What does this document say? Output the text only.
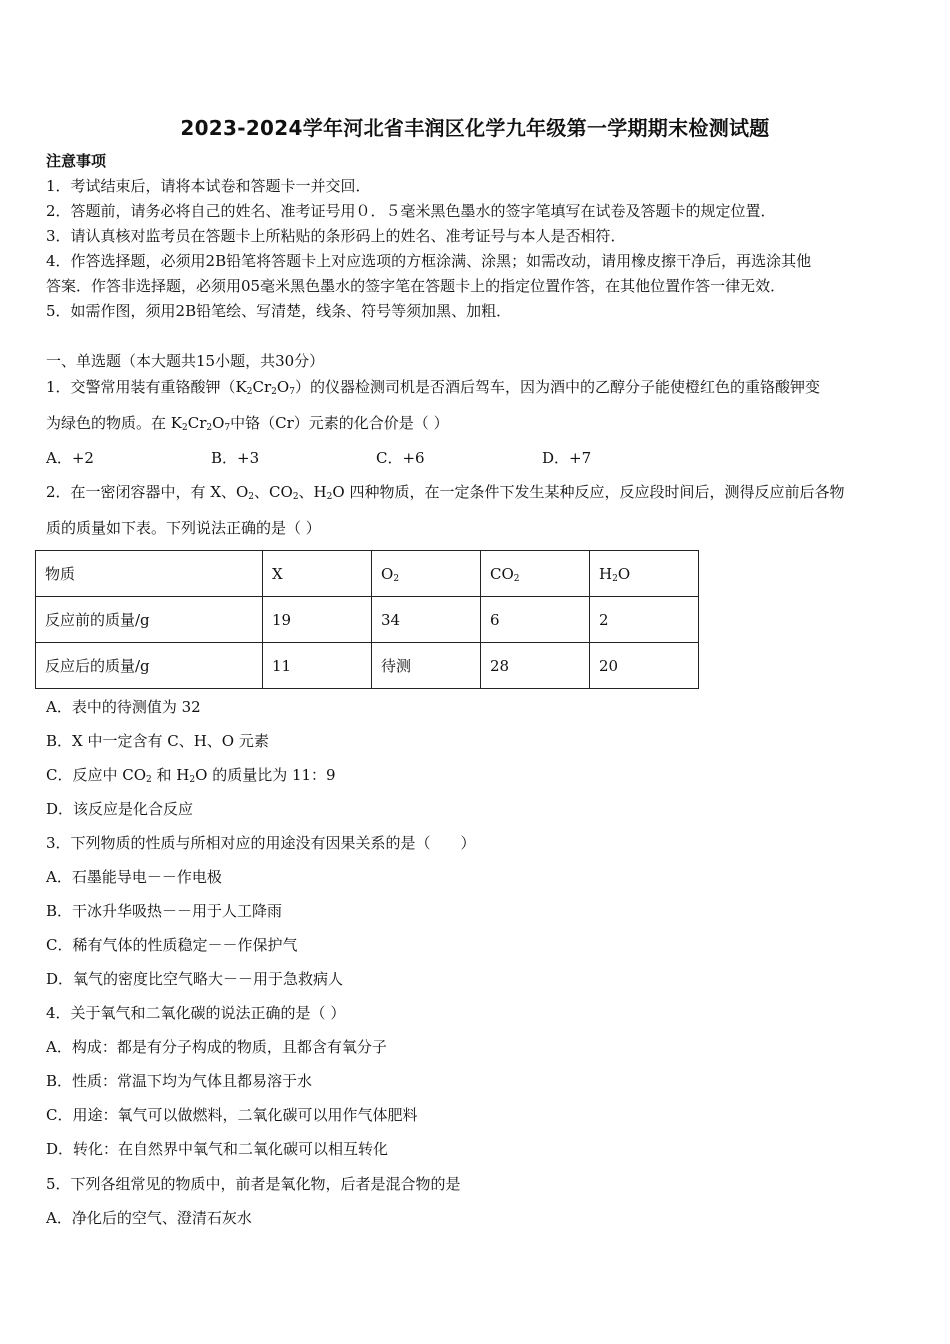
2023-2024学年河北省丰润区化学九年级第一学期期末检测试题
注意事项
1．考试结束后，请将本试卷和答题卡一并交回．
2．答题前，请务必将自己的姓名、准考证号用０．５毫米黑色墨水的签字笔填写在试卷及答题卡的规定位置．
3．请认真核对监考员在答题卡上所粘贴的条形码上的姓名、准考证号与本人是否相符．
4．作答选择题，必须用2B铅笔将答题卡上对应选项的方框涂满、涂黑；如需改动，请用橡皮擦干净后，再选涂其他
答案．作答非选择题，必须用05毫米黑色墨水的签字笔在答题卡上的指定位置作答，在其他位置作答一律无效．
5．如需作图，须用2B铅笔绘、写清楚，线条、符号等须加黑、加粗．
一、单选题（本大题共15小题，共30分）
1．交警常用装有重铬酸钾$(K_2Cr_2O_7)$的仪器检测司机是否酒后驾车，因为酒中的乙醇分子能使橙红色的重铬酸钾变
为绿色的物质。在 $K_2Cr_2O_7$中铬（Cr）元素的化合价是（ ）
A．+2	B．+3	C．+6	D．+7
2．在一密闭容器中，有 X、$O_2$、$CO_2$、$H_2O$ 四种物质，在一定条件下发生某种反应，反应段时间后，测得反应前后各物
质的质量如下表。下列说法正确的是（ ）
物质	X	$O_2$	$CO_2$	$H_2O$
反应前的质量/g	19	34	6	2
反应后的质量/g	11	待测	28	20
A．表中的待测值为 32
B．X 中一定含有 C、H、O 元素
C．反应中 $CO_2$ 和 $H_2O$ 的质量比为 11：9
D．该反应是化合反应
3．下列物质的性质与所相对应的用途没有因果关系的是（　　）
A．石墨能导电－－作电极
B．干冰升华吸热－－用于人工降雨
C．稀有气体的性质稳定－－作保护气
D．氧气的密度比空气略大－－用于急救病人
4．关于氧气和二氧化碳的说法正确的是（ ）
A．构成：都是有分子构成的物质，且都含有氧分子
B．性质：常温下均为气体且都易溶于水
C．用途：氧气可以做燃料，二氧化碳可以用作气体肥料
D．转化：在自然界中氧气和二氧化碳可以相互转化
5．下列各组常见的物质中，前者是氧化物，后者是混合物的是
A．净化后的空气、澄清石灰水
